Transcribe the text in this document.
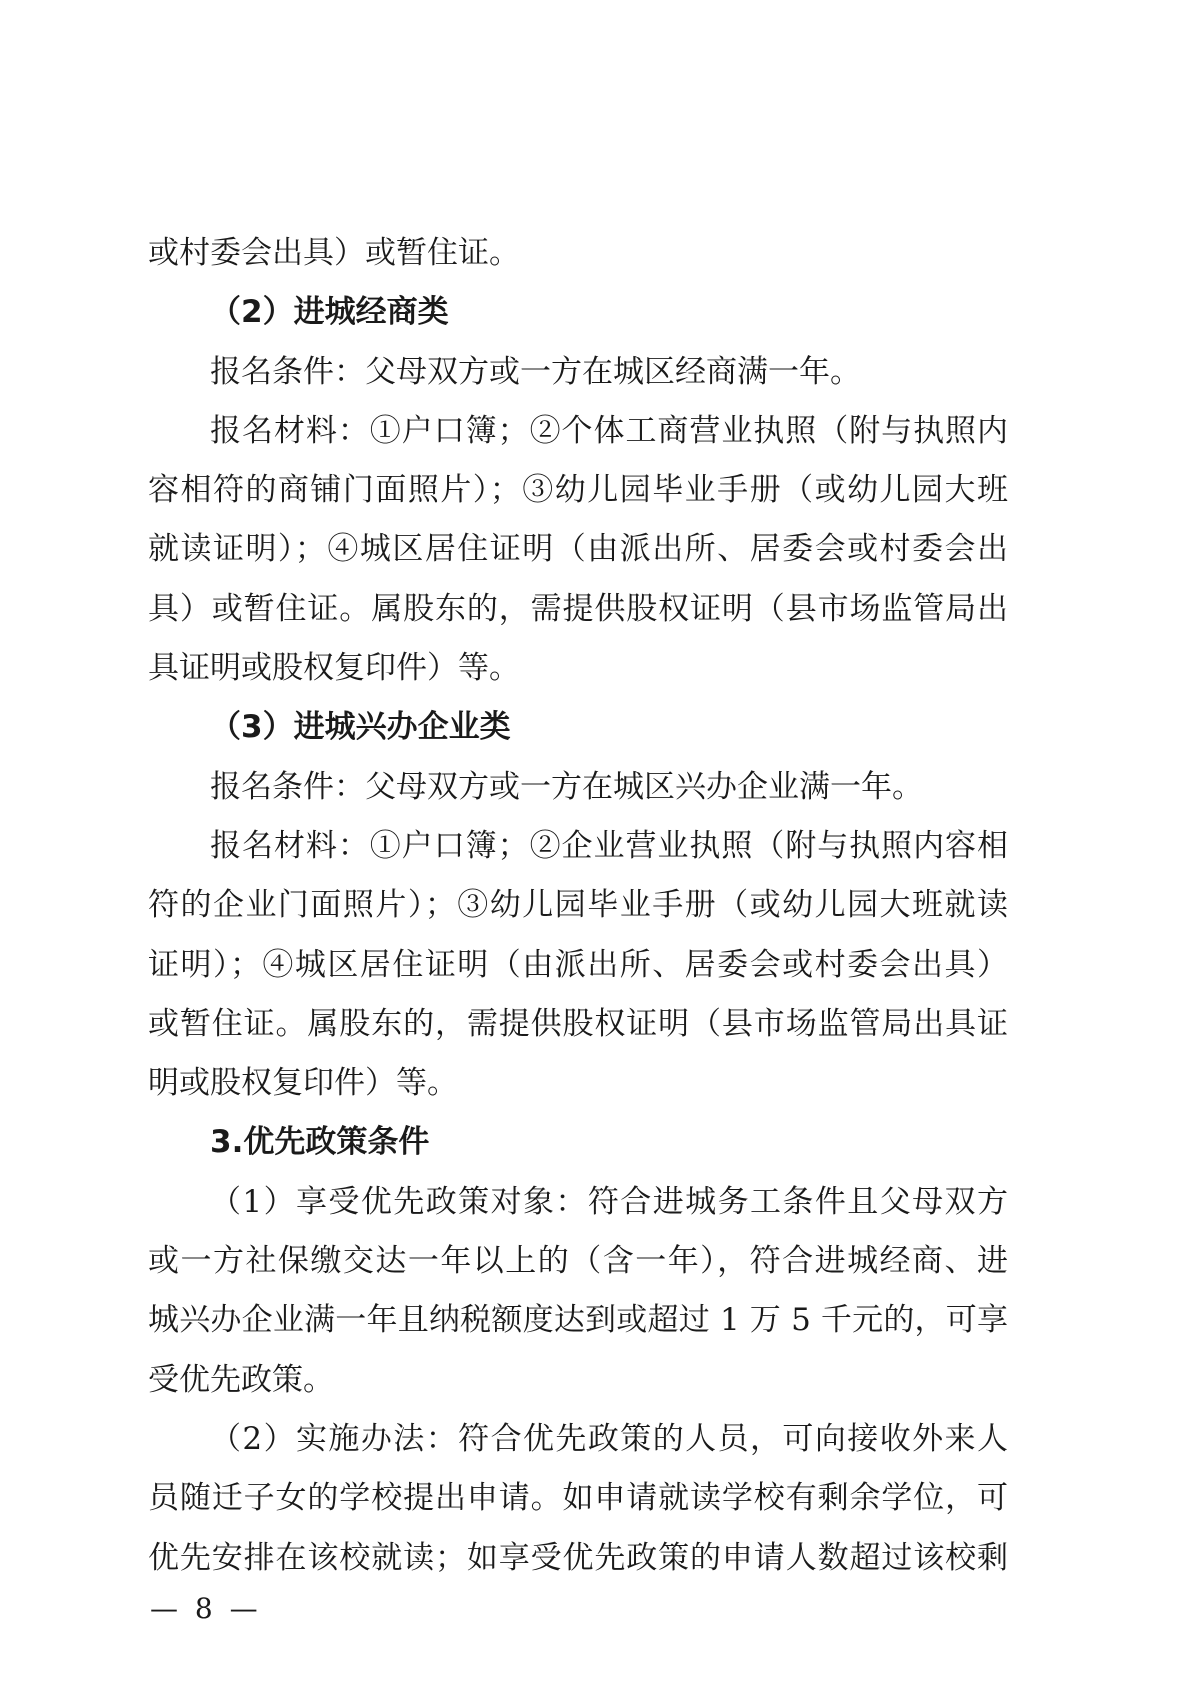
或村委会出具）或暂住证。
（2）进城经商类
报名条件：父母双方或一方在城区经商满一年。
报名材料：①户口簿；②个体工商营业执照（附与执照内
容相符的商铺门面照片）；③幼儿园毕业手册（或幼儿园大班
就读证明）；④城区居住证明（由派出所、居委会或村委会出
具）或暂住证。属股东的，需提供股权证明（县市场监管局出
具证明或股权复印件）等。
（3）进城兴办企业类
报名条件：父母双方或一方在城区兴办企业满一年。
报名材料：①户口簿；②企业营业执照（附与执照内容相
符的企业门面照片）；③幼儿园毕业手册（或幼儿园大班就读
证明）；④城区居住证明（由派出所、居委会或村委会出具）
或暂住证。属股东的，需提供股权证明（县市场监管局出具证
明或股权复印件）等。
3.优先政策条件
（1）享受优先政策对象：符合进城务工条件且父母双方
或一方社保缴交达一年以上的（含一年），符合进城经商、进
城兴办企业满一年且纳税额度达到或超过 1 万 5 千元的，可享
受优先政策。
（2）实施办法：符合优先政策的人员，可向接收外来人
员随迁子女的学校提出申请。如申请就读学校有剩余学位，可
优先安排在该校就读；如享受优先政策的申请人数超过该校剩
— 8 —
